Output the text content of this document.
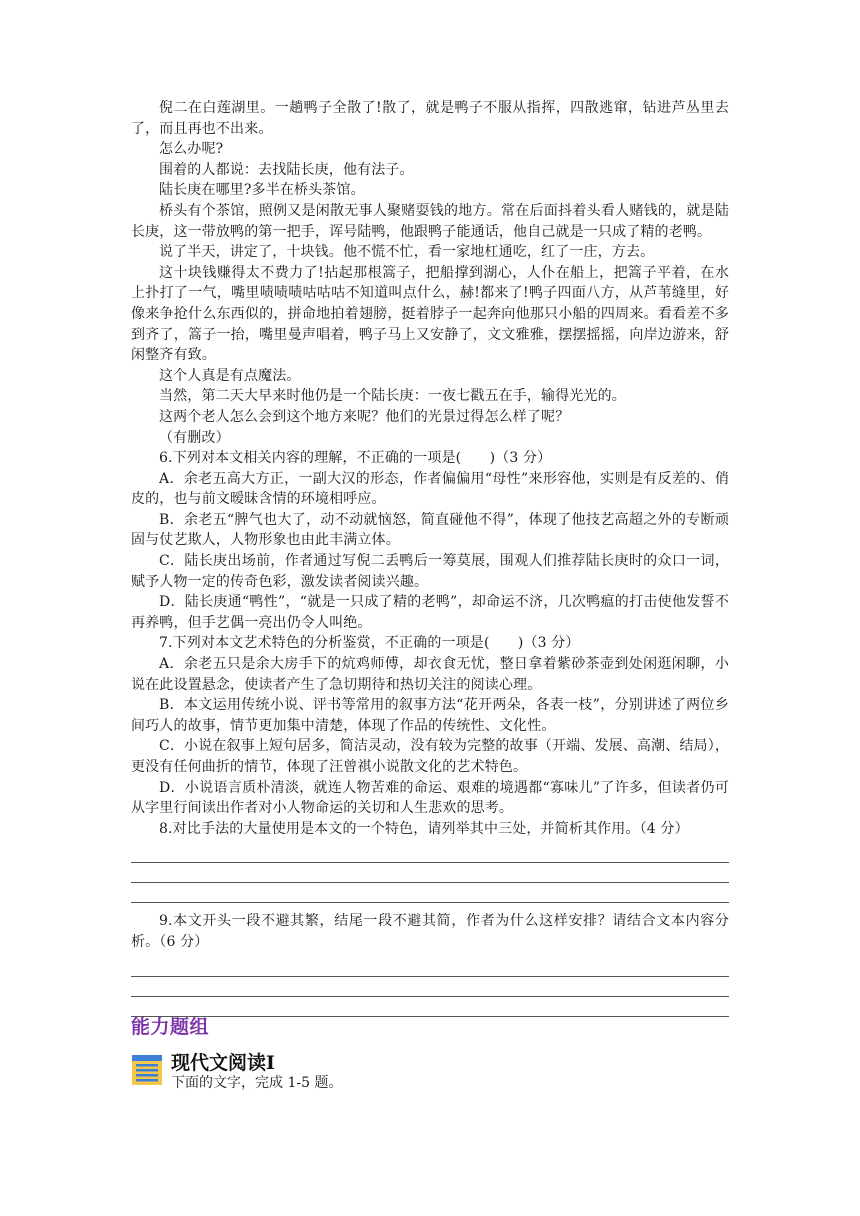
倪二在白莲湖里。一趟鸭子全散了!散了，就是鸭子不服从指挥，四散逃窜，钻进芦丛里去了，而且再也不出来。

怎么办呢?

围着的人都说：去找陆长庚，他有法子。

陆长庚在哪里?多半在桥头茶馆。

桥头有个茶馆，照例又是闲散无事人聚赌耍钱的地方。常在后面抖着头看人赌钱的，就是陆长庚，这一带放鸭的第一把手，诨号陆鸭，他跟鸭子能通话，他自己就是一只成了精的老鸭。

说了半天，讲定了，十块钱。他不慌不忙，看一家地杠通吃，红了一庄，方去。

这十块钱赚得太不费力了!拈起那根篙子，把船撑到湖心，人仆在船上，把篙子平着，在水上扑打了一气，嘴里啧啧啧咕咕咕不知道叫点什么，赫!都来了!鸭子四面八方，从芦苇缝里，好像来争抢什么东西似的，拼命地拍着翅膀，挺着脖子一起奔向他那只小船的四周来。看看差不多到齐了，篙子一抬，嘴里曼声唱着，鸭子马上又安静了，文文雅雅，摆摆摇摇，向岸边游来，舒闲整齐有致。

这个人真是有点魔法。

当然，第二天大早来时他仍是一个陆长庚：一夜七戳五在手，输得光光的。

这两个老人怎么会到这个地方来呢？他们的光景过得怎么样了呢？

（有删改）

6.下列对本文相关内容的理解，不正确的一项是(　　)（3 分）

A．余老五高大方正，一副大汉的形态，作者偏偏用“母性”来形容他，实则是有反差的、俏皮的，也与前文暧昧含情的环境相呼应。

B．余老五“脾气也大了，动不动就恼怒，简直碰他不得”，体现了他技艺高超之外的专断顽固与仗艺欺人，人物形象也由此丰满立体。

C．陆长庚出场前，作者通过写倪二丢鸭后一筹莫展，围观人们推荐陆长庚时的众口一词，赋予人物一定的传奇色彩，激发读者阅读兴趣。

D．陆长庚通“鸭性”，“就是一只成了精的老鸭”，却命运不济，几次鸭瘟的打击使他发誓不再养鸭，但手艺偶一亮出仍令人叫绝。

7.下列对本文艺术特色的分析鉴赏，不正确的一项是(　　)（3 分）

A．余老五只是余大房手下的炕鸡师傅，却衣食无忧，整日拿着紫砂茶壶到处闲逛闲聊，小说在此设置悬念，使读者产生了急切期待和热切关注的阅读心理。

B．本文运用传统小说、评书等常用的叙事方法“花开两朵，各表一枝”，分别讲述了两位乡间巧人的故事，情节更加集中清楚，体现了作品的传统性、文化性。

C．小说在叙事上短句居多，简洁灵动，没有较为完整的故事（开端、发展、高潮、结局），更没有任何曲折的情节，体现了汪曾祺小说散文化的艺术特色。

D．小说语言质朴清淡，就连人物苦难的命运、艰难的境遇都“寡味儿”了许多，但读者仍可从字里行间读出作者对小人物命运的关切和人生悲欢的思考。

8.对比手法的大量使用是本文的一个特色，请列举其中三处，并简析其作用。（4 分）

9.本文开头一段不避其繁，结尾一段不避其简，作者为什么这样安排？请结合文本内容分析。（6 分）

能力题组
现代文阅读Ⅰ
下面的文字，完成 1-5 题。
